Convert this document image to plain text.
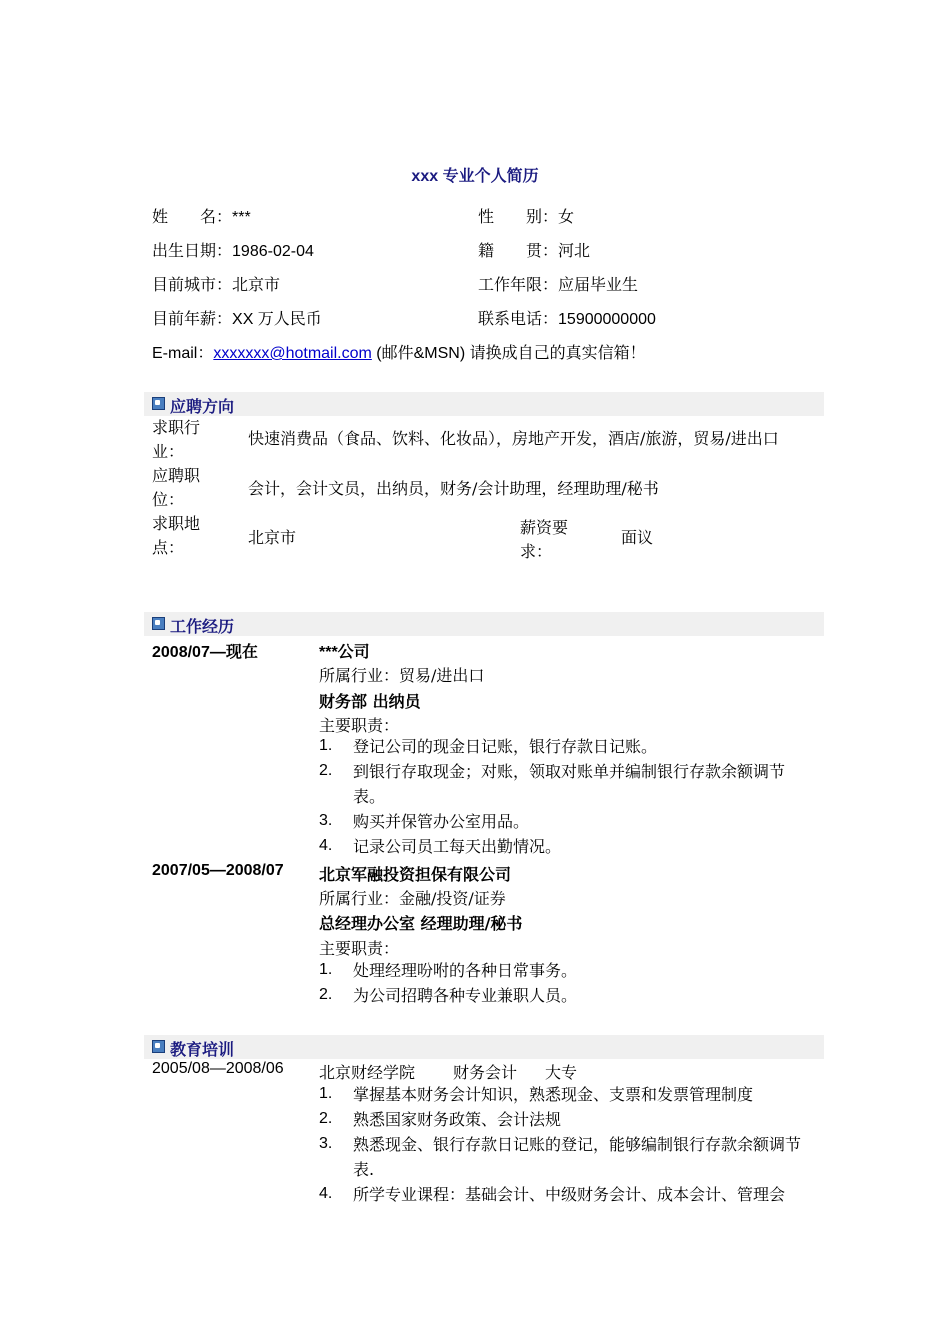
xxx 专业个人简历
姓　　名：***	性　　别：女
出生日期：1986-02-04	籍　　贯：河北
目前城市：北京市	工作年限：应届毕业生
目前年薪：XX 万人民币	联系电话：15900000000
E-mail：xxxxxxx@hotmail.com (邮件&MSN) 请换成自己的真实信箱！
应聘方向
求职行业：
快速消费品（食品、饮料、化妆品），房地产开发，酒店/旅游，贸易/进出口
应聘职位：
会计，会计文员，出纳员，财务/会计助理，经理助理/秘书
求职地点：
北京市
薪资要求：
面议
工作经历
2008/07—现在	***公司
所属行业：贸易/进出口
财务部 出纳员
主要职责：
1. 登记公司的现金日记账，银行存款日记账。
2. 到银行存取现金；对账，领取对账单并编制银行存款余额调节表。
3. 购买并保管办公室用品。
4. 记录公司员工每天出勤情况。
2007/05—2008/07 北京军融投资担保有限公司
所属行业：金融/投资/证券
总经理办公室 经理助理/秘书
主要职责：
1. 处理经理吩咐的各种日常事务。
2. 为公司招聘各种专业兼职人员。
教育培训
2005/08—2008/06 北京财经学院 财务会计 大专
1. 掌握基本财务会计知识，熟悉现金、支票和发票管理制度
2. 熟悉国家财务政策、会计法规
3. 熟悉现金、银行存款日记账的登记，能够编制银行存款余额调节表.
4. 所学专业课程：基础会计、中级财务会计、成本会计、管理会
